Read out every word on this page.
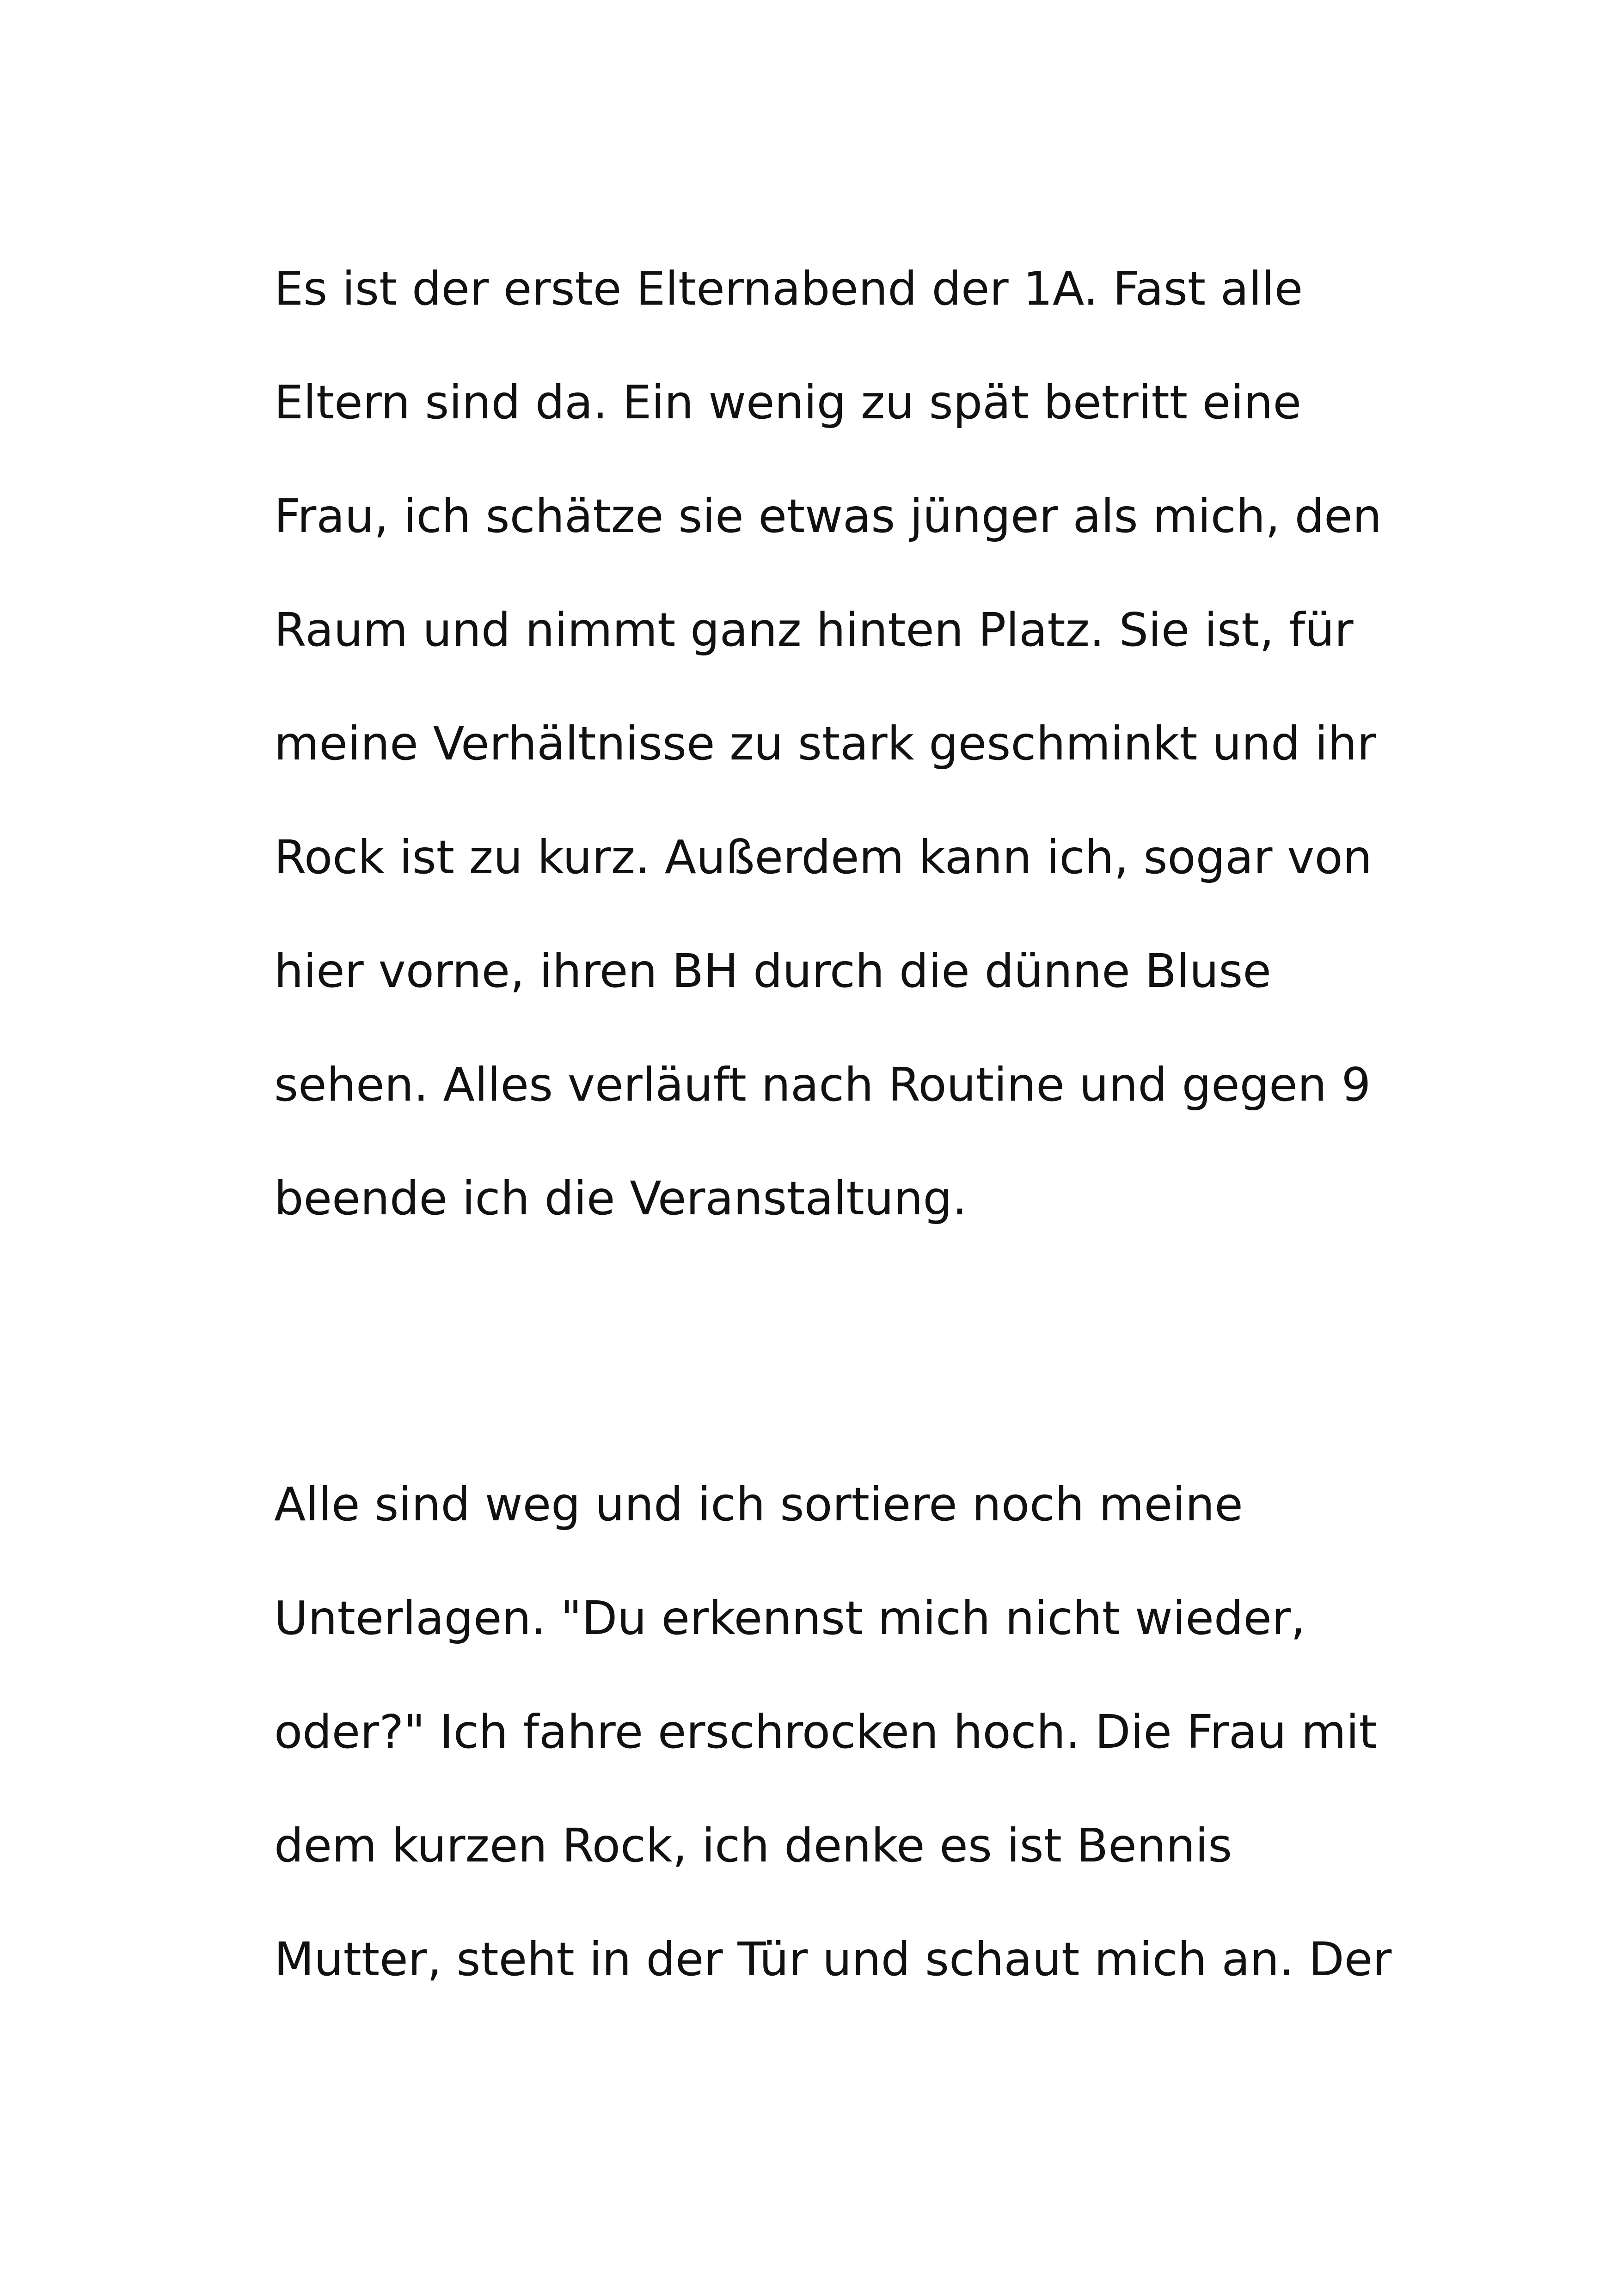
Es ist der erste Elternabend der 1A. Fast alle
Eltern sind da. Ein wenig zu spät betritt eine
Frau, ich schätze sie etwas jünger als mich, den
Raum und nimmt ganz hinten Platz. Sie ist, für
meine Verhältnisse zu stark geschminkt und ihr
Rock ist zu kurz. Außerdem kann ich, sogar von
hier vorne, ihren BH durch die dünne Bluse
sehen. Alles verläuft nach Routine und gegen 9
beende ich die Veranstaltung.
Alle sind weg und ich sortiere noch meine
Unterlagen. "Du erkennst mich nicht wieder,
oder?" Ich fahre erschrocken hoch. Die Frau mit
dem kurzen Rock, ich denke es ist Bennis
Mutter, steht in der Tür und schaut mich an. Der
